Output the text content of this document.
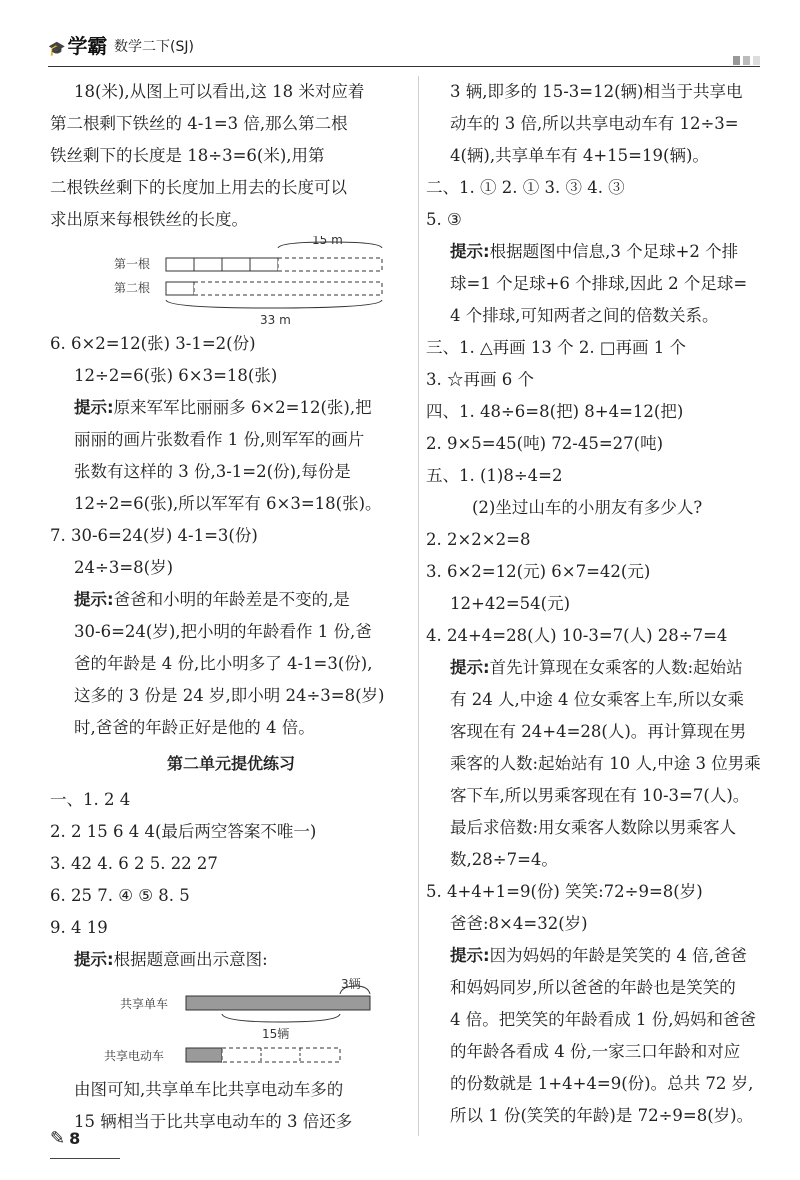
🎓 学霸 数学二下(SJ)
18(米),从图上可以看出,这 18 米对应着
第二根剩下铁丝的 4-1=3 倍,那么第二根
铁丝剩下的长度是 18÷3=6(米),用第
二根铁丝剩下的长度加上用去的长度可以
求出原来每根铁丝的长度。
15 m
第一根
第二根
33 m
6. 6×2=12(张) 3-1=2(份)
12÷2=6(张) 6×3=18(张)
提示:原来军军比丽丽多 6×2=12(张),把
丽丽的画片张数看作 1 份,则军军的画片
张数有这样的 3 份,3-1=2(份),每份是
12÷2=6(张),所以军军有 6×3=18(张)。
7. 30-6=24(岁) 4-1=3(份)
24÷3=8(岁)
提示:爸爸和小明的年龄差是不变的,是
30-6=24(岁),把小明的年龄看作 1 份,爸
爸的年龄是 4 份,比小明多了 4-1=3(份),
这多的 3 份是 24 岁,即小明 24÷3=8(岁)
时,爸爸的年龄正好是他的 4 倍。
第二单元提优练习
一、1. 2 4
2. 2 15 6 4 4(最后两空答案不唯一)
3. 42 4. 6 2 5. 22 27
6. 25 7. ④ ⑤ 8. 5
9. 4 19
提示:根据题意画出示意图:
3辆
共享单车
15辆
共享电动车
由图可知,共享单车比共享电动车多的
15 辆相当于比共享电动车的 3 倍还多
3 辆,即多的 15-3=12(辆)相当于共享电
动车的 3 倍,所以共享电动车有 12÷3=
4(辆),共享单车有 4+15=19(辆)。
二、1. ① 2. ① 3. ③ 4. ③
5. ③
提示:根据题图中信息,3 个足球+2 个排
球=1 个足球+6 个排球,因此 2 个足球=
4 个排球,可知两者之间的倍数关系。
三、1. △再画 13 个 2. □再画 1 个
3. ☆再画 6 个
四、1. 48÷6=8(把) 8+4=12(把)
2. 9×5=45(吨) 72-45=27(吨)
五、1. (1)8÷4=2
(2)坐过山车的小朋友有多少人?
2. 2×2×2=8
3. 6×2=12(元) 6×7=42(元)
12+42=54(元)
4. 24+4=28(人) 10-3=7(人) 28÷7=4
提示:首先计算现在女乘客的人数:起始站
有 24 人,中途 4 位女乘客上车,所以女乘
客现在有 24+4=28(人)。再计算现在男
乘客的人数:起始站有 10 人,中途 3 位男乘
客下车,所以男乘客现在有 10-3=7(人)。
最后求倍数:用女乘客人数除以男乘客人
数,28÷7=4。
5. 4+4+1=9(份) 笑笑:72÷9=8(岁)
爸爸:8×4=32(岁)
提示:因为妈妈的年龄是笑笑的 4 倍,爸爸
和妈妈同岁,所以爸爸的年龄也是笑笑的
4 倍。把笑笑的年龄看成 1 份,妈妈和爸爸
的年龄各看成 4 份,一家三口年龄和对应
的份数就是 1+4+4=9(份)。总共 72 岁,
所以 1 份(笑笑的年龄)是 72÷9=8(岁)。
✎ 8
